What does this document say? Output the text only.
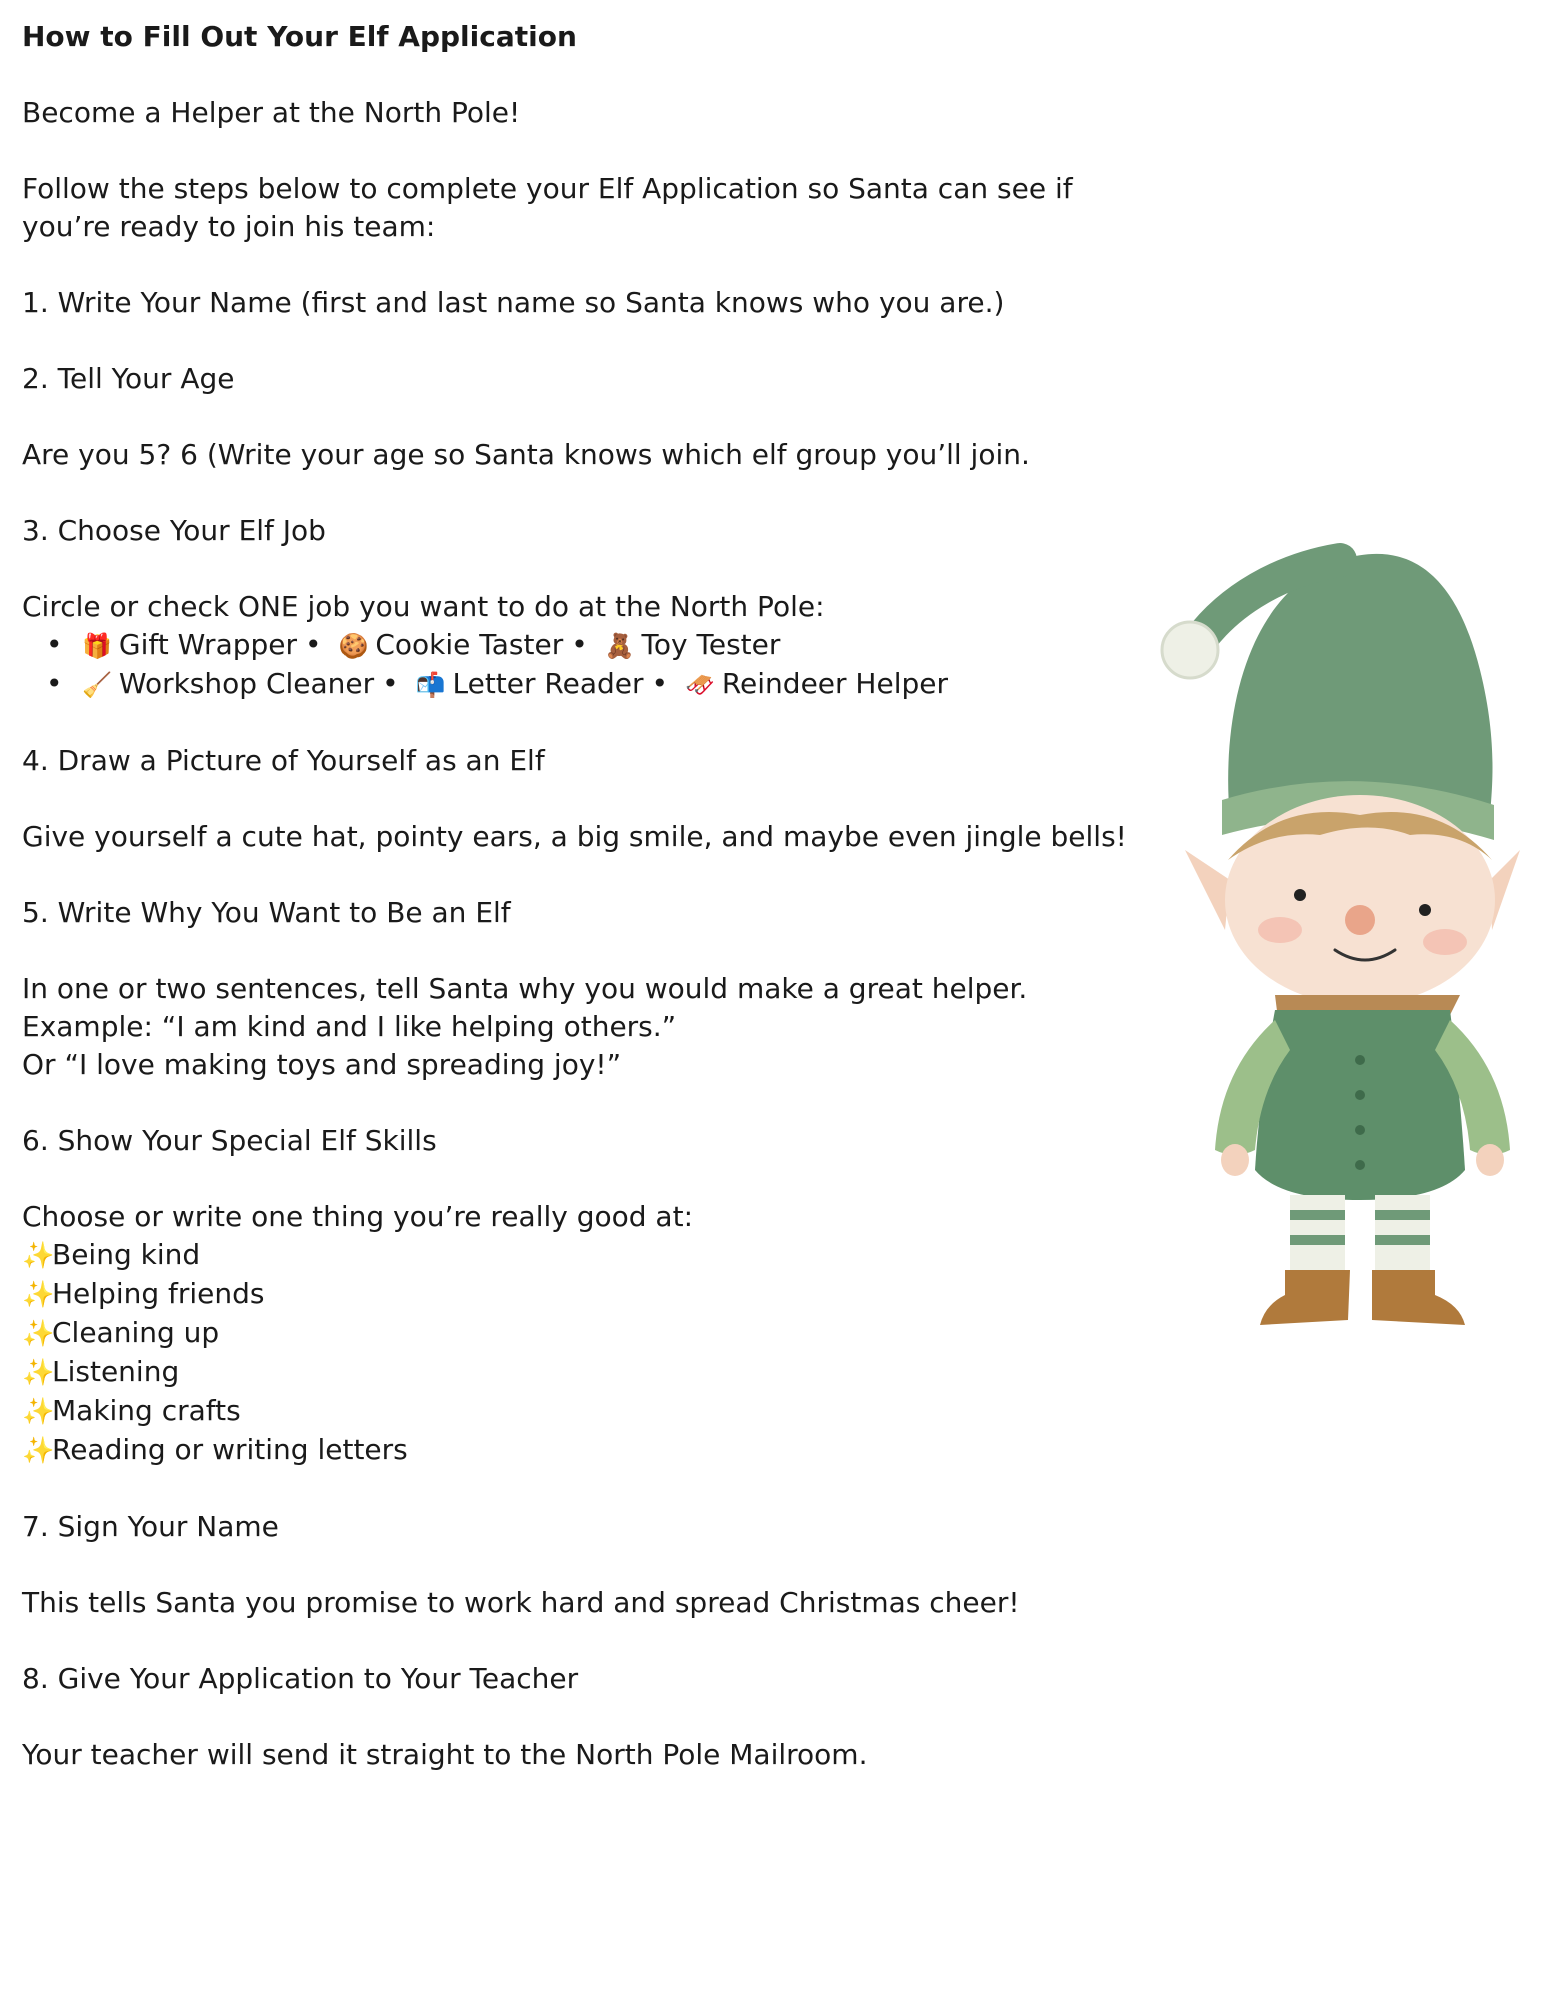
How to Fill Out Your Elf Application

Become a Helper at the North Pole!

Follow the steps below to complete your Elf Application so Santa can see if you’re ready to join his team:

1. Write Your Name (first and last name so Santa knows who you are.)

2. Tell Your Age

Are you 5? 6 (Write your age so Santa knows which elf group you’ll join.

3. Choose Your Elf Job

Circle or check ONE job you want to do at the North Pole:

• 🎁 Gift Wrapper • 🍪 Cookie Taster • 🧸 Toy Tester
• 🧹 Workshop Cleaner • 📬 Letter Reader • 🛷 Reindeer Helper

4. Draw a Picture of Yourself as an Elf

Give yourself a cute hat, pointy ears, a big smile, and maybe even jingle bells!

5. Write Why You Want to Be an Elf

In one or two sentences, tell Santa why you would make a great helper.

Example: “I am kind and I like helping others.”

Or “I love making toys and spreading joy!”

6. Show Your Special Elf Skills

Choose or write one thing you’re really good at:

✨Being kind

✨Helping friends

✨Cleaning up

✨Listening

✨Making crafts

✨Reading or writing letters

7. Sign Your Name

This tells Santa you promise to work hard and spread Christmas cheer!

8. Give Your Application to Your Teacher

Your teacher will send it straight to the North Pole Mailroom.
